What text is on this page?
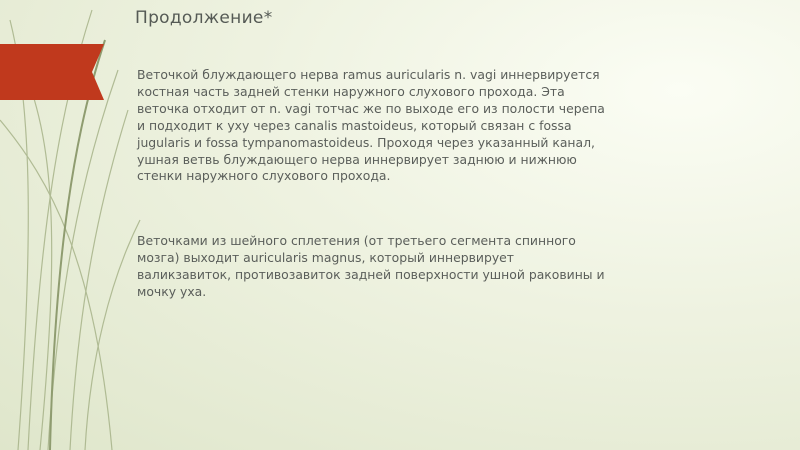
Продолжение*

Веточкой блуждающего нерва ramus auricularis n. vagi иннервируется
костная часть задней стенки наружного слухового прохода. Эта
веточка отходит от n. vagi тотчас же по выходе его из полости черепа
и подходит к уху через canalis mastoideus, который связан с fossa
jugularis и fossa tympanomastoideus. Проходя через указанный канал,
ушная ветвь блуждающего нерва иннервирует заднюю и нижнюю
стенки наружного слухового прохода.

Веточками из шейного сплетения (от третьего сегмента спинного
мозга) выходит auricularis magnus, который иннервирует
валикзавиток, противозавиток задней поверхности ушной раковины и
мочку уха.
